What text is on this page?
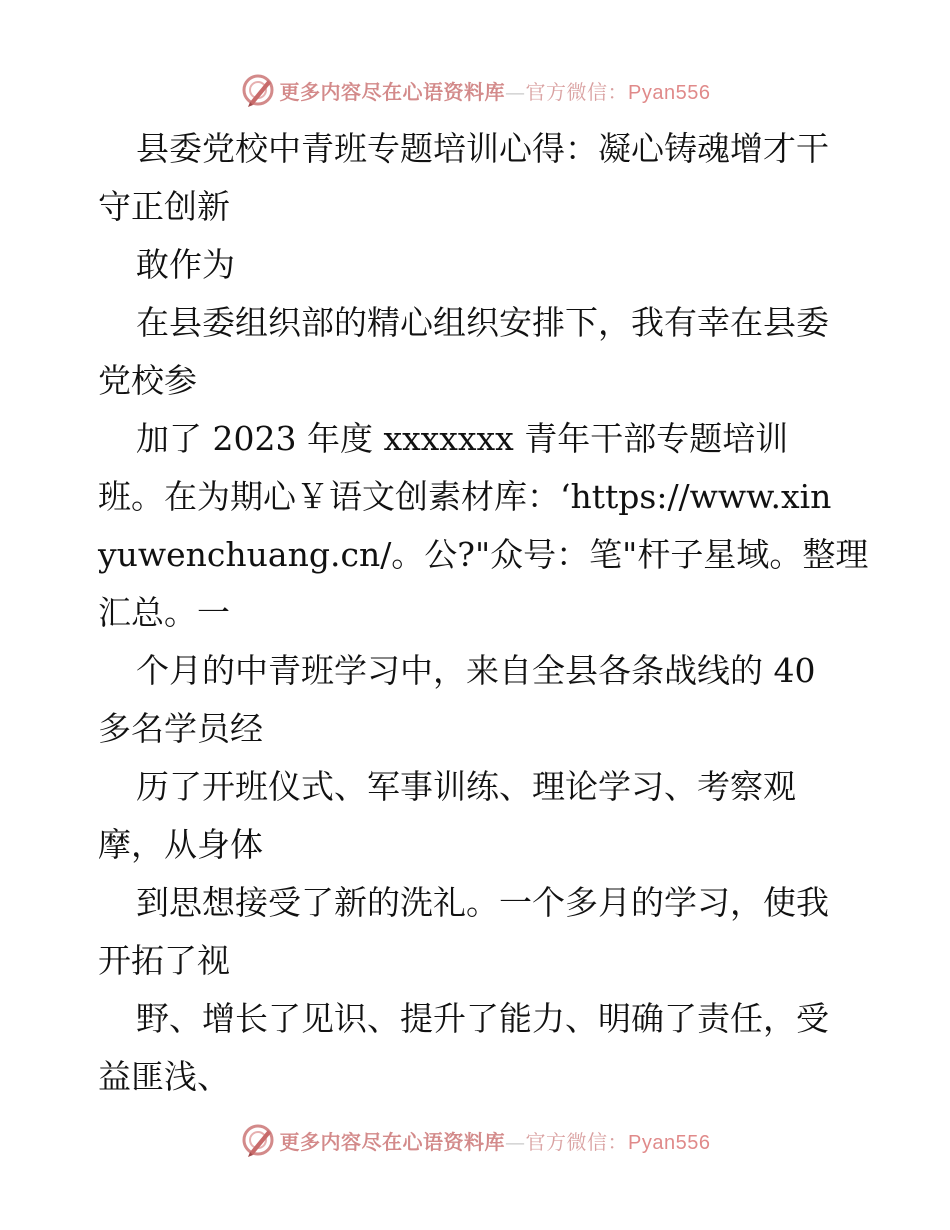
更多内容尽在心语资料库—官方微信：Pyan556
县委党校中青班专题培训心得：凝心铸魂增才干
守正创新
敢作为
在县委组织部的精心组织安排下，我有幸在县委
党校参
加了 2023 年度 xxxxxxx 青年干部专题培训
班。在为期心￥语文创素材库：‘https://www.xin
yuwenchuang.cn/。公?"众号：笔"杆子星域。整理
汇总。一
个月的中青班学习中，来自全县各条战线的 40
多名学员经
历了开班仪式、军事训练、理论学习、考察观
摩，从身体
到思想接受了新的洗礼。一个多月的学习，使我
开拓了视
野、增长了见识、提升了能力、明确了责任，受
益匪浅、
更多内容尽在心语资料库—官方微信：Pyan556
